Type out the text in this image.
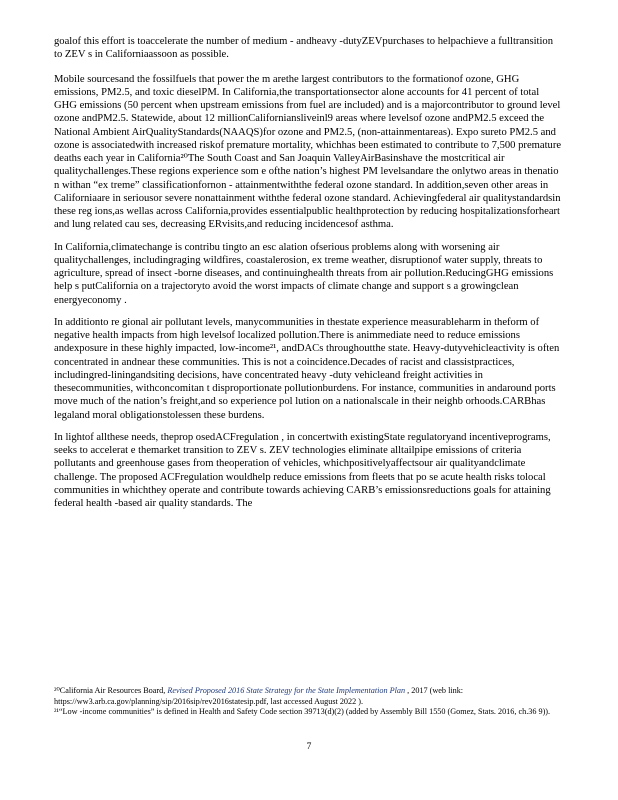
goalof this effort is toaccelerate the number of medium - andheavy -dutyZEVpurchases to helpachieve a fulltransition to ZEV s in Californiaassoon as possible.

Mobile sourcesand the fossilfuels that power the m arethe largest contributors to the formationof ozone, GHG emissions, PM2.5, and toxic dieselPM. In California,the transportationsector alone accounts for 41 percent of total GHG emissions (50 percent when upstream emissions from fuel are included) and is a majorcontributor to ground level ozone andPM2.5. Statewide, about 12 millionCaliforniansliveinl9 areas where levelsof ozone andPM2.5 exceed the National Ambient AirQualityStandards(NAAQS)for ozone and PM2.5, (non-attainmentareas). Expo sureto PM2.5 and ozone is associatedwith increased riskof premature mortality, whichhas been estimated to contribute to 7,500 premature deaths each year in California²⁰The South Coast and San Joaquin ValleyAirBasinshave the mostcritical air qualitychallenges.These regions experience som e ofthe nation’s highest PM levelsandare the onlytwo areas in thenatio n withan “ex treme” classificationfornon - attainmentwiththe federal ozone standard. In addition,seven other areas in Californiaare in seriousor severe nonattainment withthe federal ozone standard. Achievingfederal air qualitystandardsin these reg ions,as wellas across California,provides essentialpublic healthprotection by reducing hospitalizationsforheart and lung related cau ses, decreasing ERvisits,and reducing incidencesof asthma.

In California,climatechange is contribu tingto an esc alation ofserious problems along with worsening air qualitychallenges, includingraging wildfires, coastalerosion, ex treme weather, disruptionof water supply, threats to agriculture, spread of insect -borne diseases, and continuinghealth threats from air pollution.ReducingGHG emissions help s putCalifornia on a trajectoryto avoid the worst impacts of climate change and support s a growingclean energyeconomy .

In additionto re gional air pollutant levels, manycommunities in thestate experience measurableharm in theform of negative health impacts from high levelsof localized pollution.There is animmediate need to reduce emissions andexposure in these highly impacted, low-income²¹, andDACs throughoutthe state. Heavy-dutyvehicleactivity is often concentrated in andnear these communities. This is not a coincidence.Decades of racist and classistpractices, includingred-liningandsiting decisions, have concentrated heavy -duty vehicleand freight activities in thesecommunities, withconcomitan t disproportionate pollutionburdens. For instance, communities in andaround ports move much of the nation’s freight,and so experience pol lution on a nationalscale in their neighb orhoods.CARBhas legaland moral obligationstolessen these burdens.

In lightof allthese needs, theprop osedACFregulation , in concertwith existingState regulatoryand incentiveprograms, seeks to accelerat e themarket transition to ZEV s. ZEV technologies eliminate alltailpipe emissions of criteria pollutants and greenhouse gases from theoperation of vehicles, whichpositivelyaffectsour air qualityandclimate challenge. The proposed ACFregulation wouldhelp reduce emissions from fleets that po se acute health risks tolocal communities in whichthey operate and contribute towards achieving CARB’s emissionsreductions goals for attaining federal health -based air quality standards. The

²⁰California Air Resources Board, Revised Proposed 2016 State Strategy for the State Implementation Plan , 2017 (web link: https://ww3.arb.ca.gov/planning/sip/2016sip/rev2016statesip.pdf, last accessed August 2022 ).

²¹“Low -income communities” is defined in Health and Safety Code section 39713(d)(2) (added by Assembly Bill 1550 (Gomez, Stats. 2016, ch.36 9)).

7
